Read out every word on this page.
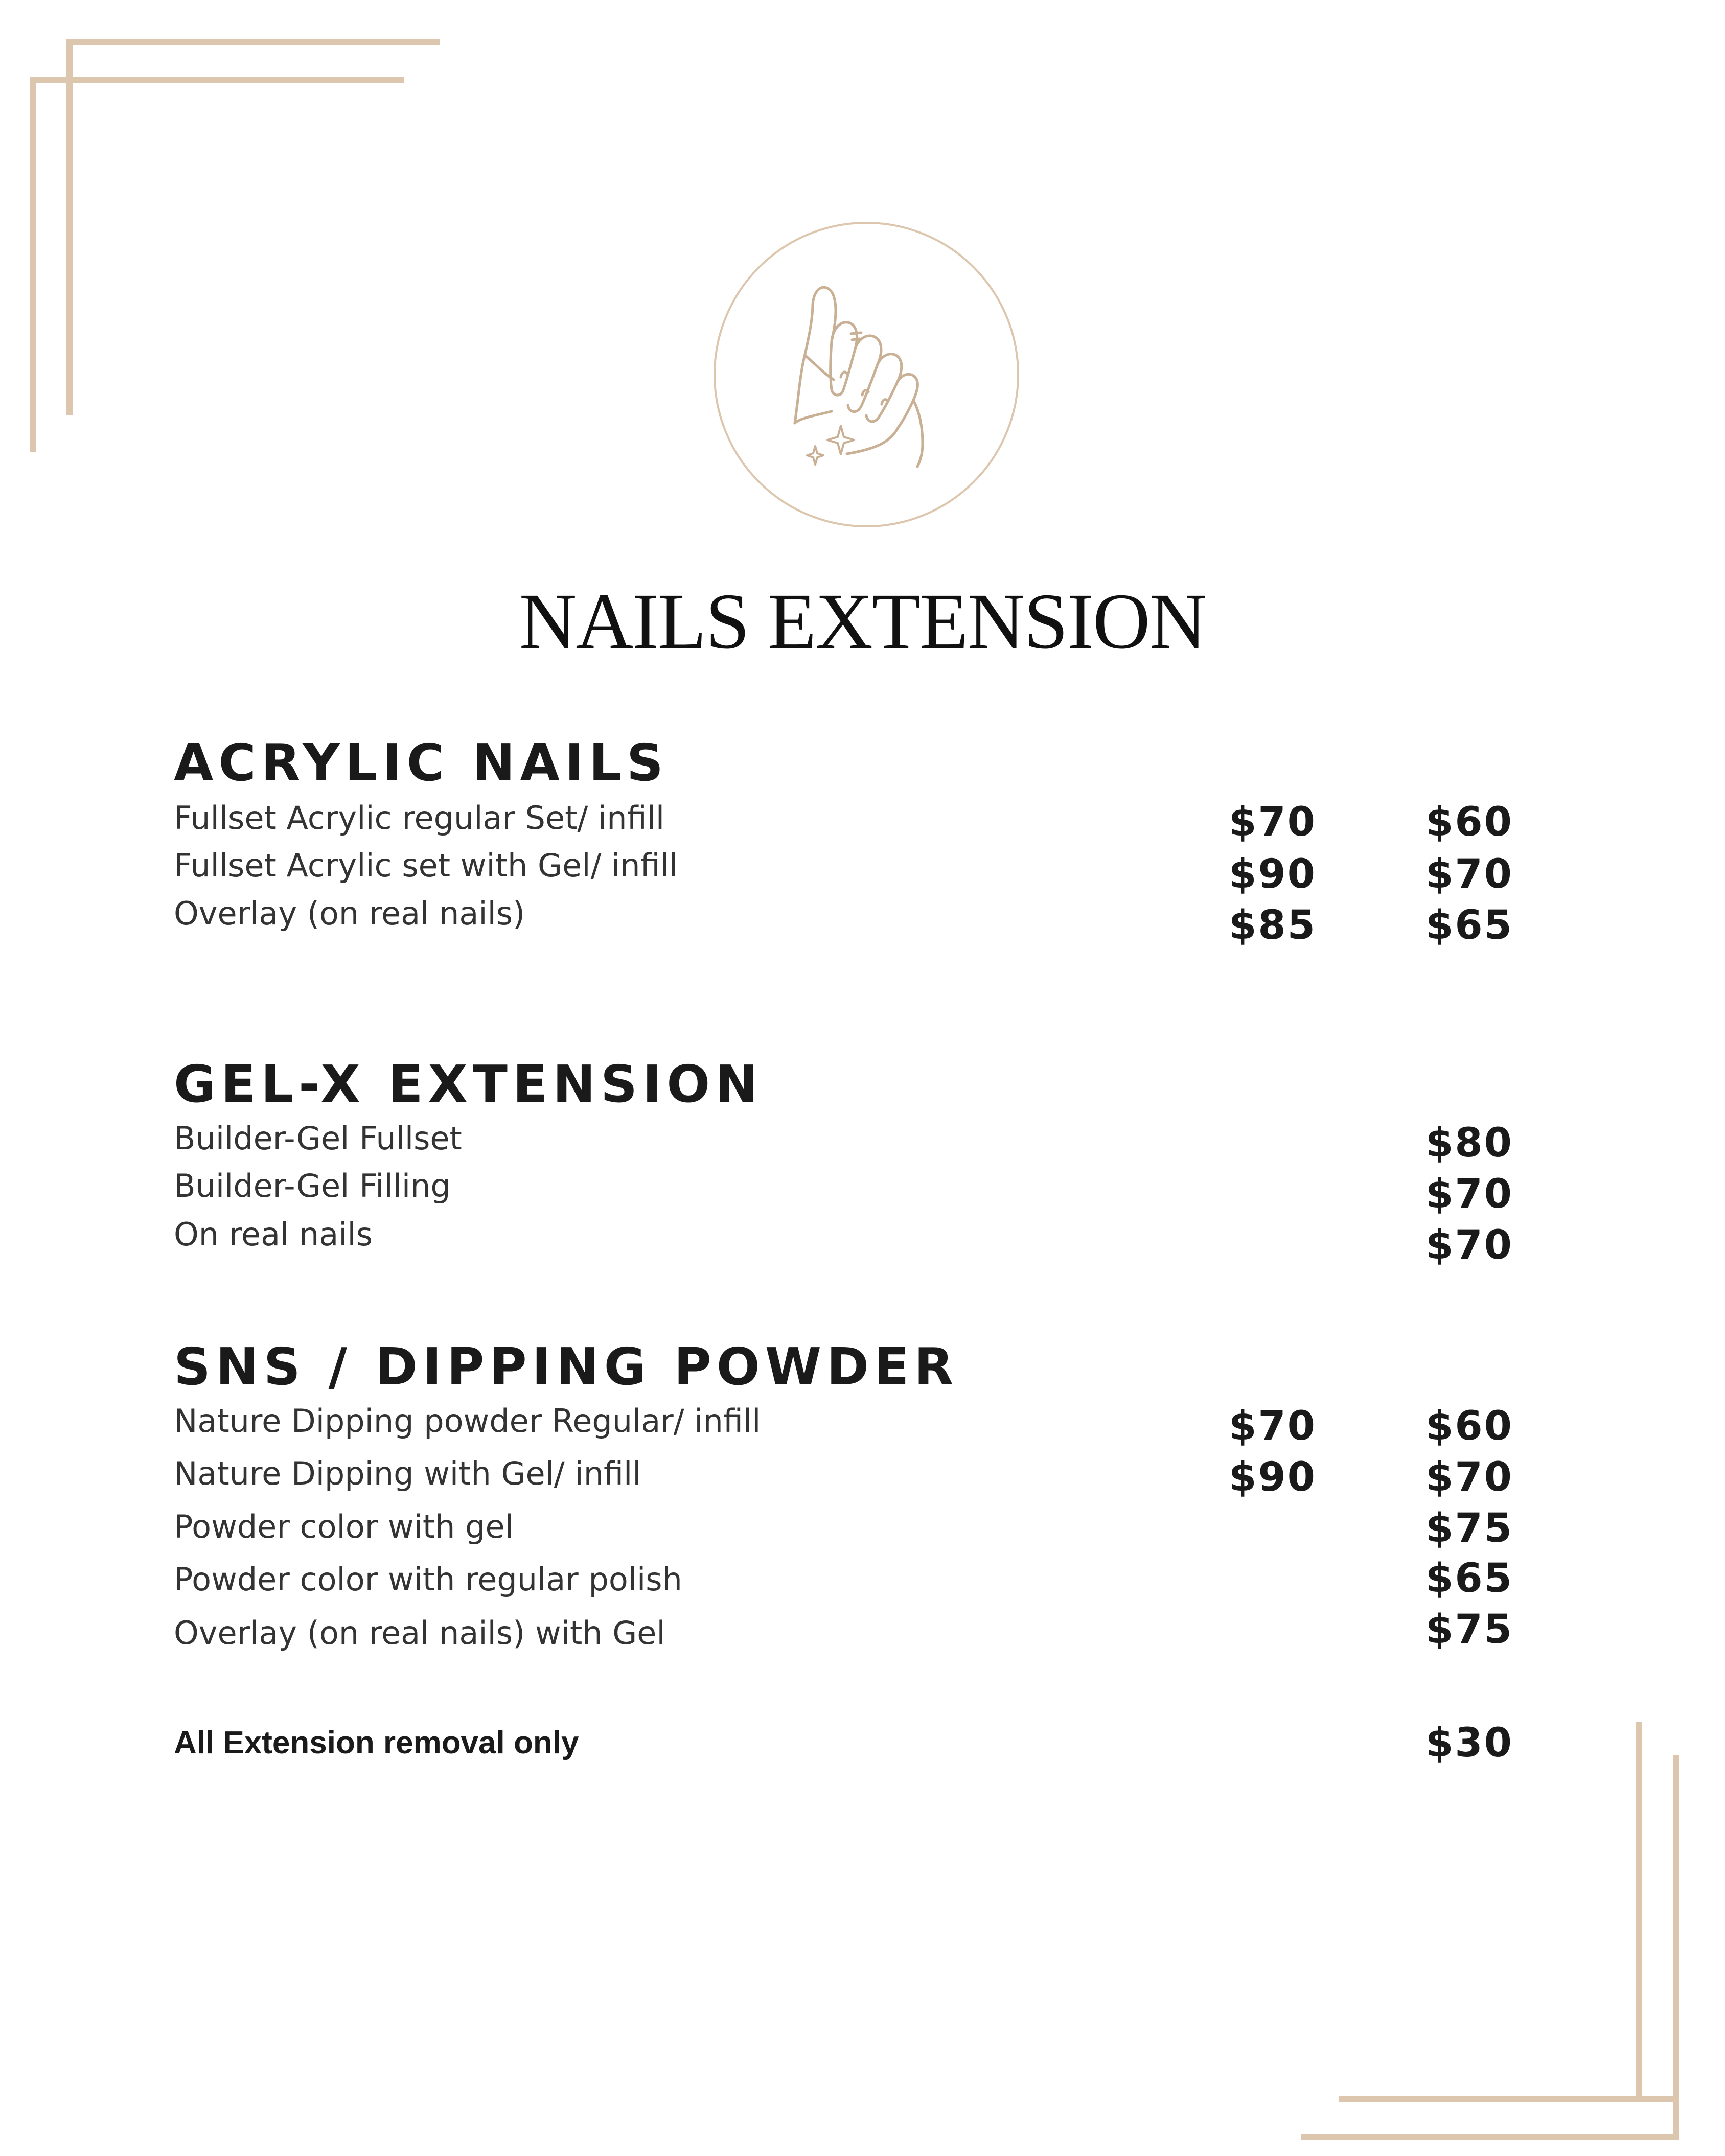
NAILS EXTENSION
ACRYLIC NAILS
Fullset Acrylic regular Set/ infill	$70	$60
Fullset Acrylic set with Gel/ infill	$90	$70
Overlay (on real nails)	$85	$65
GEL-X EXTENSION
Builder-Gel Fullset	$80
Builder-Gel Filling	$70
On real nails	$70
SNS / DIPPING POWDER
Nature Dipping powder Regular/ infill	$70	$60
Nature Dipping with Gel/ infill	$90	$70
Powder color with gel	$75
Powder color with regular polish	$65
Overlay (on real nails) with Gel	$75
All Extension removal only	$30
